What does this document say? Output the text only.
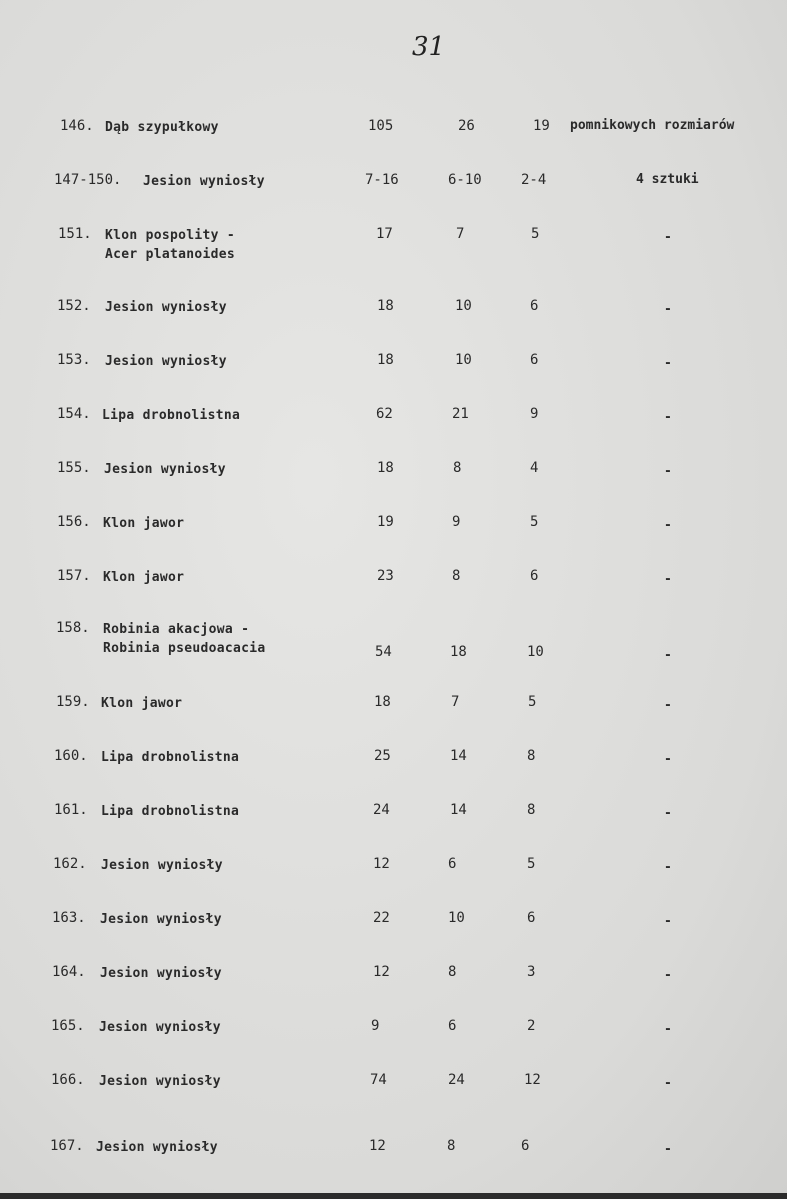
31
146. Dąb szypułkowy	105	26	19 pomnikowych rozmiarów
147-150. Jesion wyniosły	7-16	6-10	2-4	4 sztuki
151. Klon pospolity -
Acer platanoides
17	7	5	-
152. Jesion wyniosły	18	10	6	-
153. Jesion wyniosły	18	10	6	-
154. Lipa drobnolistna	62	21	9	-
155. Jesion wyniosły	18	8	4	-
156. Klon jawor	19	9	5	-
157. Klon jawor	23	8	6	-
158. Robinia akacjowa -
Robinia pseudoacacia	54	18	10	-
159. Klon jawor	18	7	5	-
160. Lipa drobnolistna	25	14	8	-
161. Lipa drobnolistna	24	14	8	-
162. Jesion wyniosły	12	6	5	-
163. Jesion wyniosły	22	10	6	-
164. Jesion wyniosły	12	8	3	-
165. Jesion wyniosły	9	6	2	-
166. Jesion wyniosły	74	24	12	-
167. Jesion wyniosły	12	8	6	-
